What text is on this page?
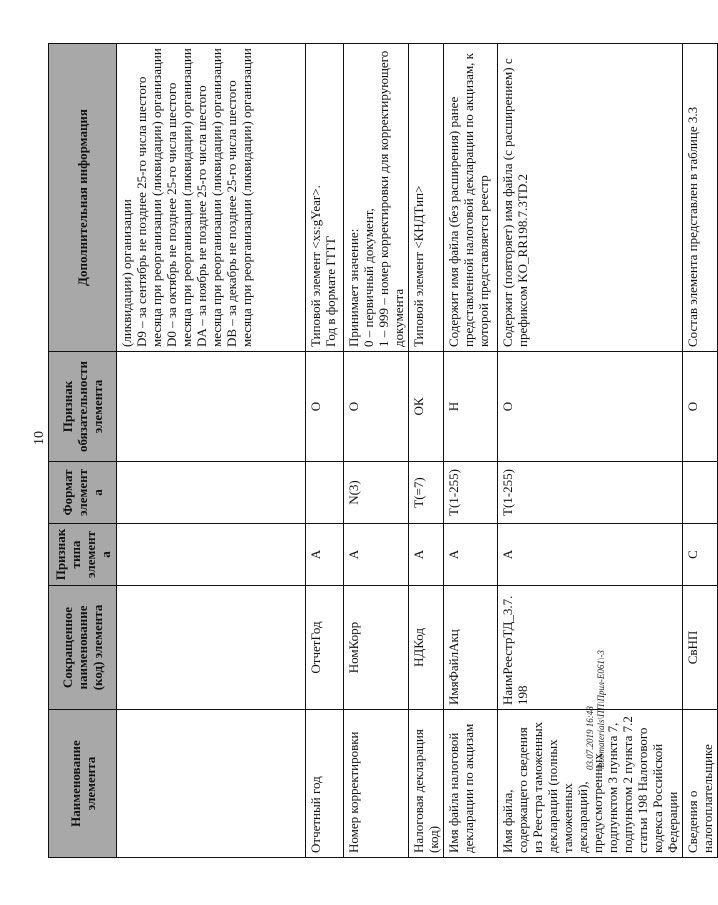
10
03.07.2019 16:48 \Lobmaterials\ПП\Прил-E061\-3
Наименование элемента	Сокращенное наименование (код) элемента	Признак типа элемента	Формат элемента	Признак обязательности элемента	Дополнительная информация
					(ликвидации) организации
D9 – за сентябрь не позднее 25-го числа шестого месяца при реорганизации (ликвидации) организации
D0 – за октябрь не позднее 25-го числа шестого месяца при реорганизации (ликвидации) организации
DA – за ноябрь не позднее 25-го числа шестого месяца при реорганизации (ликвидации) организации
DB – за декабрь не позднее 25-го числа шестого месяца при реорганизации (ликвидации) организации
Отчетный год	ОтчетГод	А		О	Типовой элемент <xs:gYear>.
Год в формате ГГГГ
Номер корректировки	НомКорр	А	N(3)	О	Принимает значение:
0 – первичный документ,
1 – 999 – номер корректировки для корректирующего документа
Налоговая декларация (код)	НДКод	А	T(=7)	ОК	Типовой элемент <КНДТип>
Имя файла налоговой декларации по акцизам	ИмяФайлАкц	А	T(1-255)	Н	Содержит имя файла (без расширения) ранее представленной налоговой декларации по акцизам, к которой представляется реестр
Имя файла, содержащего сведения из Реестра таможенных деклараций (полных таможенных деклараций), предусмотренных подпунктом 3 пункта 7, подпунктом 2 пункта 7.2 статьи 198 Налогового кодекса Российской Федерации	НаимРеестрТД_3.7.198	А	T(1-255)	О	Содержит (повторяет) имя файла (с расширением) с префиксом KO_RR198.7.3TD.2
Сведения о налогоплательщике	СвНП	С		О	Состав элемента представлен в таблице 3.3
